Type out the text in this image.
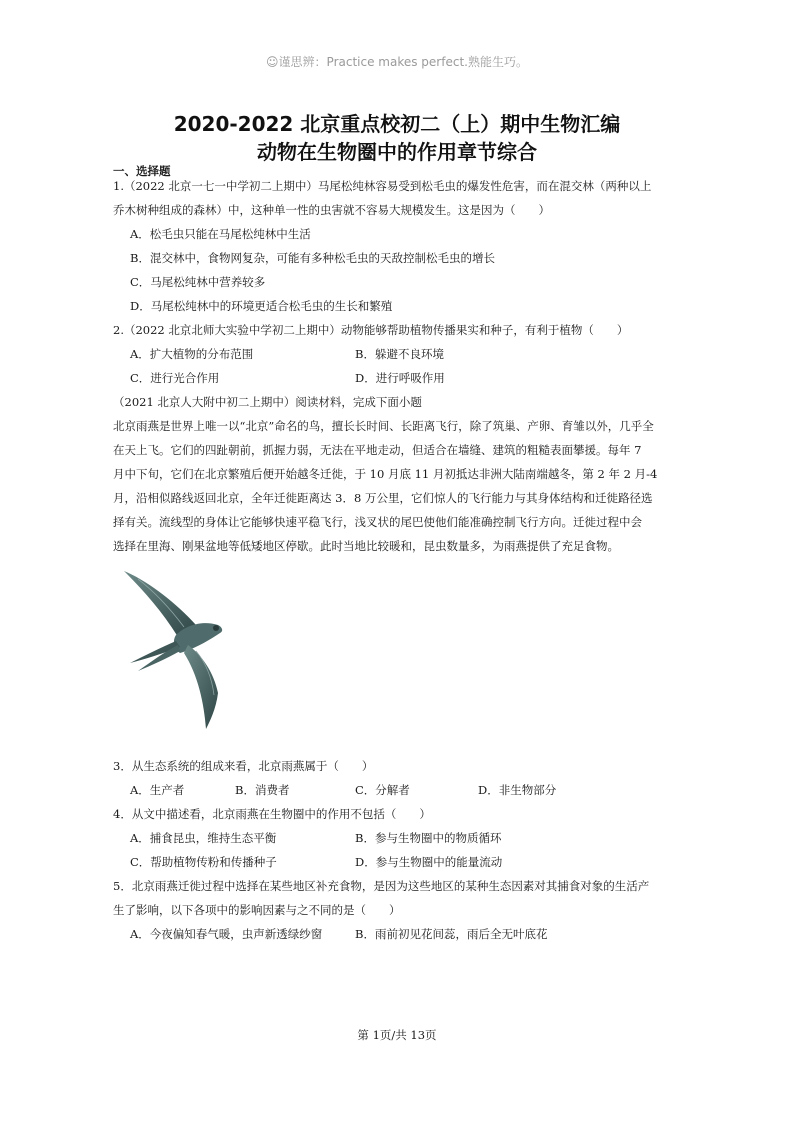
☺谨思辨：Practice makes perfect.熟能生巧。
2020-2022 北京重点校初二（上）期中生物汇编
动物在生物圈中的作用章节综合
一、选择题
1.（2022 北京一七一中学初二上期中）马尾松纯林容易受到松毛虫的爆发性危害，而在混交林（两种以上
乔木树种组成的森林）中，这种单一性的虫害就不容易大规模发生。这是因为（　　）
A．松毛虫只能在马尾松纯林中生活
B．混交林中，食物网复杂，可能有多种松毛虫的天敌控制松毛虫的增长
C．马尾松纯林中营养较多
D．马尾松纯林中的环境更适合松毛虫的生长和繁殖
2.（2022 北京北师大实验中学初二上期中）动物能够帮助植物传播果实和种子，有利于植物（　　）
A．扩大植物的分布范围	B．躲避不良环境
C．进行光合作用	D．进行呼吸作用
（2021 北京人大附中初二上期中）阅读材料，完成下面小题
北京雨燕是世界上唯一以“北京”命名的鸟，擅长长时间、长距离飞行，除了筑巢、产卵、育雏以外，几乎全
在天上飞。它们的四趾朝前，抓握力弱，无法在平地走动，但适合在墙缝、建筑的粗糙表面攀援。每年 7
月中下旬，它们在北京繁殖后便开始越冬迁徙，于 10 月底 11 月初抵达非洲大陆南端越冬，第 2 年 2 月-4
月，沿相似路线返回北京，全年迁徙距离达 3．8 万公里，它们惊人的飞行能力与其身体结构和迁徙路径选
择有关。流线型的身体让它能够快速平稳飞行，浅叉状的尾巴使他们能准确控制飞行方向。迁徙过程中会
选择在里海、刚果盆地等低矮地区停歇。此时当地比较暖和，昆虫数量多，为雨燕提供了充足食物。
3．从生态系统的组成来看，北京雨燕属于（　　）
A．生产者	B．消费者	C．分解者	D．非生物部分
4．从文中描述看，北京雨燕在生物圈中的作用不包括（　　）
A．捕食昆虫，维持生态平衡	B．参与生物圈中的物质循环
C．帮助植物传粉和传播种子	D．参与生物圈中的能量流动
5．北京雨燕迁徙过程中选择在某些地区补充食物，是因为这些地区的某种生态因素对其捕食对象的生活产
生了影响，以下各项中的影响因素与之不同的是（　　）
A．今夜偏知春气暖，虫声新透绿纱窗	B．雨前初见花间蕊，雨后全无叶底花
第 1页/共 13页
